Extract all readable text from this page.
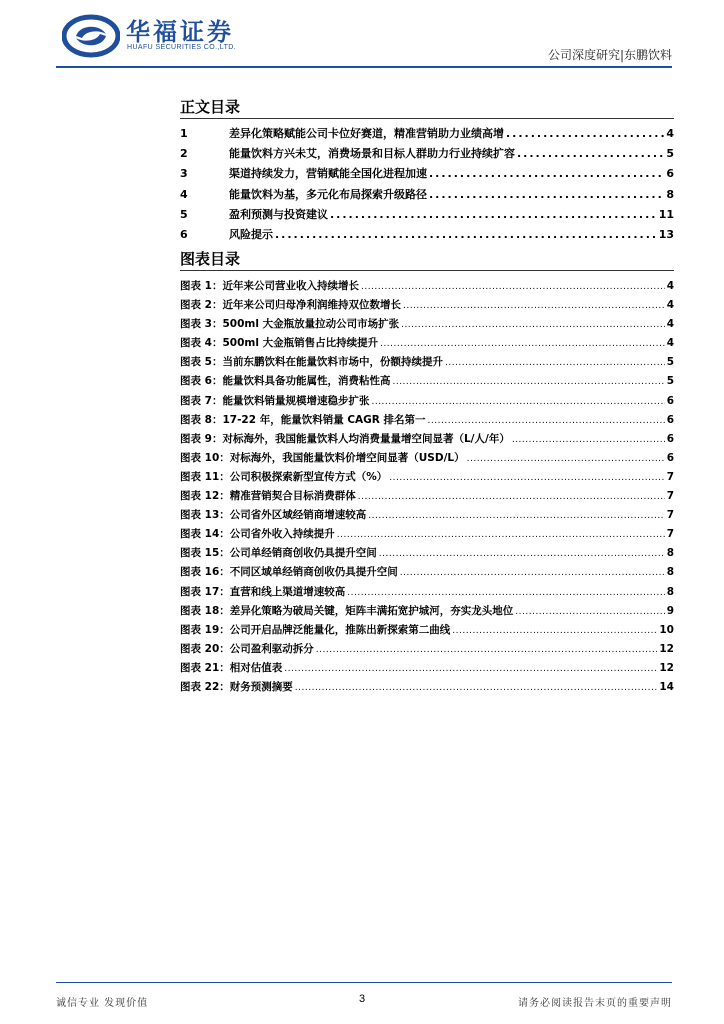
华福证券
HUAFU SECURITIES CO.,LTD.
公司深度研究|东鹏饮料
正文目录
1	差异化策略赋能公司卡位好赛道，精准营销助力业绩高增 .....	4
2	能量饮料方兴未艾，消费场景和目标人群助力行业持续扩容 .....	5
3	渠道持续发力，营销赋能全国化进程加速 .....	6
4	能量饮料为基，多元化布局探索升级路径 .....	8
5	盈利预测与投资建议 .....	11
6	风险提示 .....	13
图表目录
图表 1：近年来公司营业收入持续增长 .....	4
图表 2：近年来公司归母净利润维持双位数增长 .....	4
图表 3：500ml 大金瓶放量拉动公司市场扩张 .....	4
图表 4：500ml 大金瓶销售占比持续提升 .....	4
图表 5：当前东鹏饮料在能量饮料市场中，份额持续提升 .....	5
图表 6：能量饮料具备功能属性，消费粘性高 .....	5
图表 7：能量饮料销量规模增速稳步扩张 .....	6
图表 8：17-22 年，能量饮料销量 CAGR 排名第一 .....	6
图表 9：对标海外，我国能量饮料人均消费量量增空间显著（L/人/年） .....	6
图表 10：对标海外，我国能量饮料价增空间显著（USD/L） .....	6
图表 11：公司积极探索新型宣传方式（%） .....	7
图表 12：精准营销契合目标消费群体 .....	7
图表 13：公司省外区域经销商增速较高 .....	7
图表 14：公司省外收入持续提升 .....	7
图表 15：公司单经销商创收仍具提升空间 .....	8
图表 16：不同区域单经销商创收仍具提升空间 .....	8
图表 17：直营和线上渠道增速较高 .....	8
图表 18：差异化策略为破局关键，矩阵丰满拓宽护城河，夯实龙头地位 .....	9
图表 19：公司开启品牌泛能量化，推陈出新探索第二曲线 .....	10
图表 20：公司盈利驱动拆分 .....	12
图表 21：相对估值表 .....	12
图表 22：财务预测摘要 .....	14
诚信专业 发现价值	3	请务必阅读报告末页的重要声明
